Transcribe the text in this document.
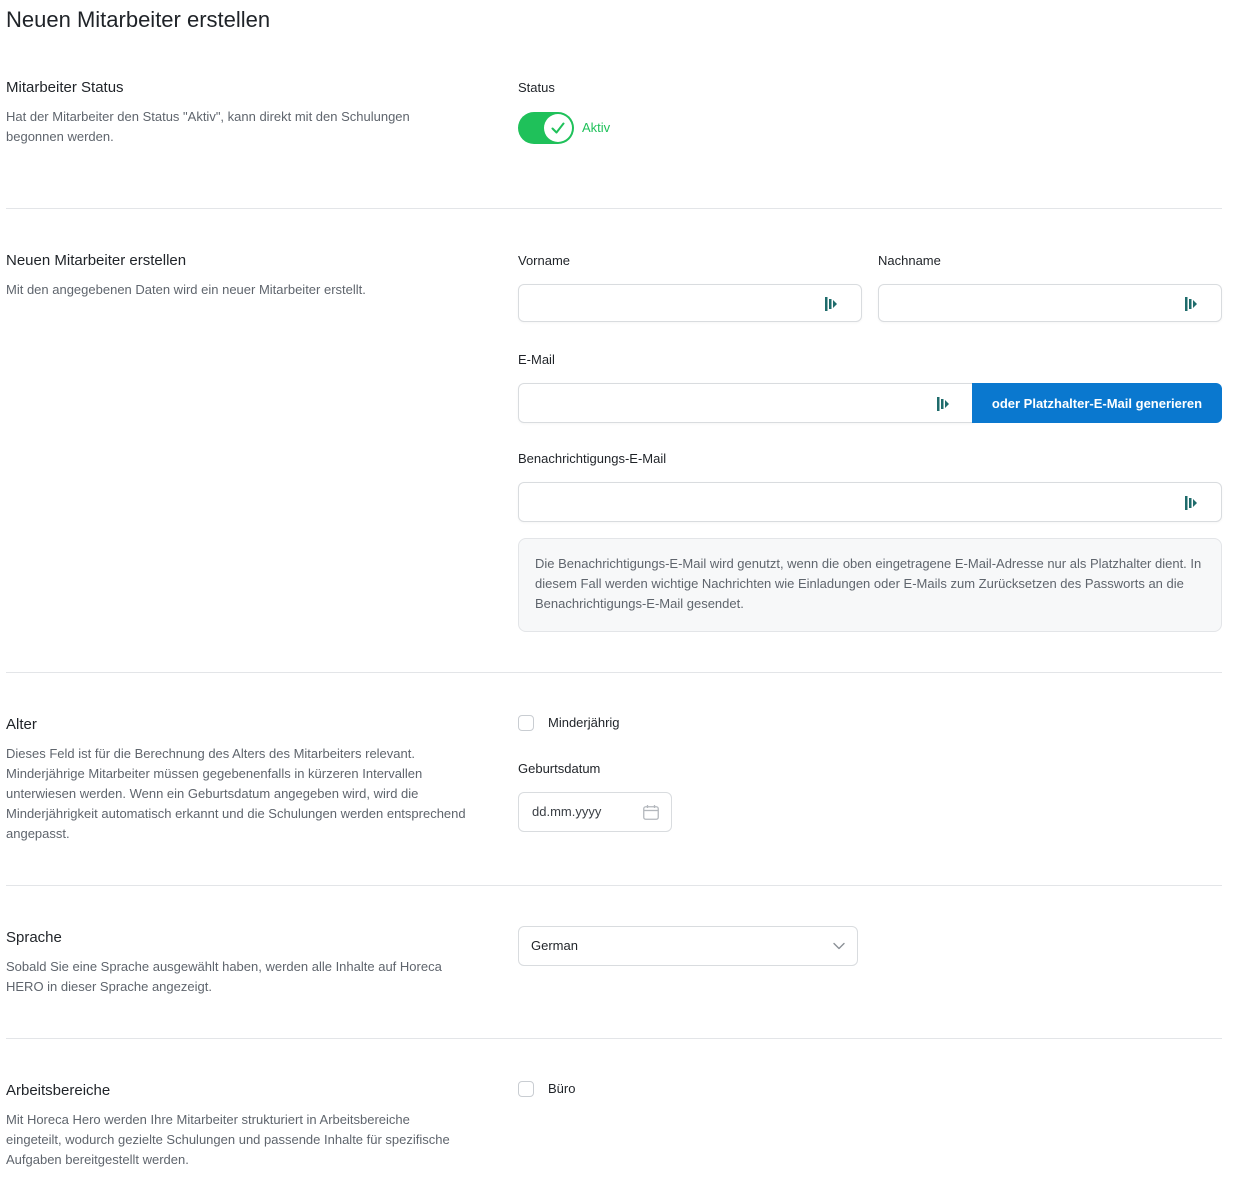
Neuen Mitarbeiter erstellen
Mitarbeiter Status
Hat der Mitarbeiter den Status "Aktiv", kann direkt mit den Schulungen begonnen werden.
Status
Aktiv
Neuen Mitarbeiter erstellen
Mit den angegebenen Daten wird ein neuer Mitarbeiter erstellt.
Vorname	Nachname
E-Mail
oder Platzhalter-E-Mail generieren
Benachrichtigungs-E-Mail
Die Benachrichtigungs-E-Mail wird genutzt, wenn die oben eingetragene E-Mail-Adresse nur als Platzhalter dient. In diesem Fall werden wichtige Nachrichten wie Einladungen oder E-Mails zum Zurücksetzen des Passworts an die Benachrichtigungs-E-Mail gesendet.
Alter
Dieses Feld ist für die Berechnung des Alters des Mitarbeiters relevant. Minderjährige Mitarbeiter müssen gegebenenfalls in kürzeren Intervallen unterwiesen werden. Wenn ein Geburtsdatum angegeben wird, wird die Minderjährigkeit automatisch erkannt und die Schulungen werden entsprechend angepasst.
Minderjährig
Geburtsdatum
dd.mm.yyyy
Sprache
Sobald Sie eine Sprache ausgewählt haben, werden alle Inhalte auf Horeca HERO in dieser Sprache angezeigt.
German
Arbeitsbereiche
Mit Horeca Hero werden Ihre Mitarbeiter strukturiert in Arbeitsbereiche eingeteilt, wodurch gezielte Schulungen und passende Inhalte für spezifische Aufgaben bereitgestellt werden.
Büro
